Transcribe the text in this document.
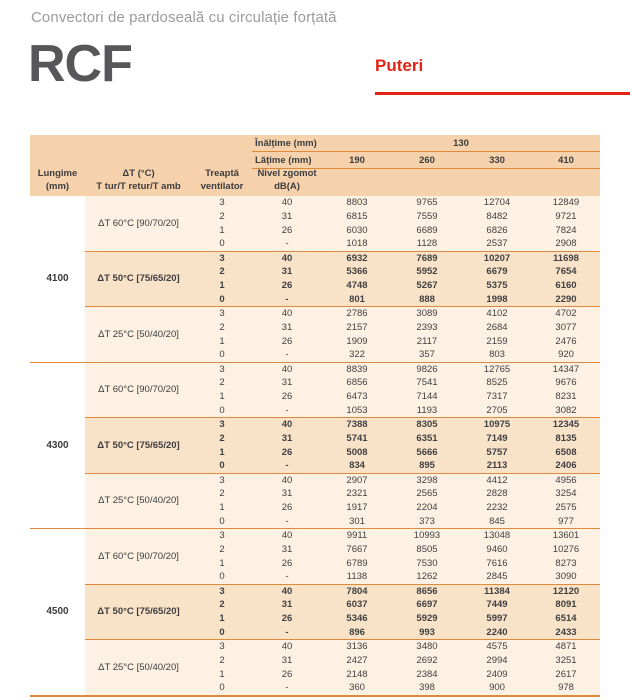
Convectori de pardoseală cu circulație forțată
RCF	Puteri
Lungime
(mm)
ΔT (°C)
T tur/T retur/T amb
Treaptă
ventilator
Înălțime (mm)	130
Lățime (mm)	190	260	330	410
Nivel zgomot
dB(A)
4100
ΔT 60°C [90/70/20]
3	40	8803	9765	12704	12849
2	31	6815	7559	8482	9721
1	26	6030	6689	6826	7824
0	-	1018	1128	2537	2908
ΔT 50°C [75/65/20]
3	40	6932	7689	10207	11698
2	31	5366	5952	6679	7654
1	26	4748	5267	5375	6160
0	-	801	888	1998	2290
ΔT 25°C [50/40/20]
3	40	2786	3089	4102	4702
2	31	2157	2393	2684	3077
1	26	1909	2117	2159	2476
0	-	322	357	803	920
4300
ΔT 60°C [90/70/20]
3	40	8839	9826	12765	14347
2	31	6856	7541	8525	9676
1	26	6473	7144	7317	8231
0	-	1053	1193	2705	3082
ΔT 50°C [75/65/20]
3	40	7388	8305	10975	12345
2	31	5741	6351	7149	8135
1	26	5008	5666	5757	6508
0	-	834	895	2113	2406
ΔT 25°C [50/40/20]
3	40	2907	3298	4412	4956
2	31	2321	2565	2828	3254
1	26	1917	2204	2232	2575
0	-	301	373	845	977
4500
ΔT 60°C [90/70/20]
3	40	9911	10993	13048	13601
2	31	7667	8505	9460	10276
1	26	6789	7530	7616	8273
0	-	1138	1262	2845	3090
ΔT 50°C [75/65/20]
3	40	7804	8656	11384	12120
2	31	6037	6697	7449	8091
1	26	5346	5929	5997	6514
0	-	896	993	2240	2433
ΔT 25°C [50/40/20]
3	40	3136	3480	4575	4871
2	31	2427	2692	2994	3251
1	26	2148	2384	2409	2617
0	-	360	398	900	978
